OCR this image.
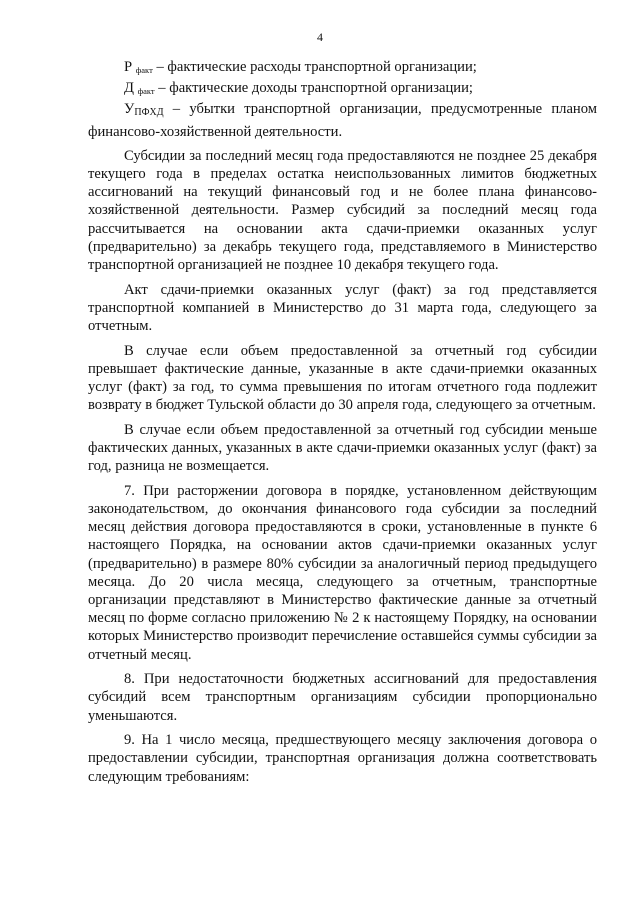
4

Р $_{факт}$ – фактические расходы транспортной организации;

Д $_{факт}$ – фактические доходы транспортной организации;

УПФХД – убытки транспортной организации, предусмотренные планом финансово-хозяйственной деятельности.

Субсидии за последний месяц года предоставляются не позднее 25 декабря текущего года в пределах остатка неиспользованных лимитов бюджетных ассигнований на текущий финансовый год и не более плана финансово-хозяйственной деятельности. Размер субсидий за последний месяц года рассчитывается на основании акта сдачи-приемки оказанных услуг (предварительно) за декабрь текущего года, представляемого в Министерство транспортной организацией не позднее 10 декабря текущего года.

Акт сдачи-приемки оказанных услуг (факт) за год представляется транспортной компанией в Министерство до 31 марта года, следующего за отчетным.

В случае если объем предоставленной за отчетный год субсидии превышает фактические данные, указанные в акте сдачи-приемки оказанных услуг (факт) за год, то сумма превышения по итогам отчетного года подлежит возврату в бюджет Тульской области до 30 апреля года, следующего за отчетным.

В случае если объем предоставленной за отчетный год субсидии меньше фактических данных, указанных в акте сдачи-приемки оказанных услуг (факт) за год, разница не возмещается.

7. При расторжении договора в порядке, установленном действующим законодательством, до окончания финансового года субсидии за последний месяц действия договора предоставляются в сроки, установленные в пункте 6 настоящего Порядка, на основании актов сдачи-приемки оказанных услуг (предварительно) в размере 80% субсидии за аналогичный период предыдущего месяца. До 20 числа месяца, следующего за отчетным, транспортные организации представляют в Министерство фактические данные за отчетный месяц по форме согласно приложению № 2 к настоящему Порядку, на основании которых Министерство производит перечисление оставшейся суммы субсидии за отчетный месяц.

8. При недостаточности бюджетных ассигнований для предоставления субсидий всем транспортным организациям субсидии пропорционально уменьшаются.

9. На 1 число месяца, предшествующего месяцу заключения договора о предоставлении субсидии, транспортная организация должна соответствовать следующим требованиям:
